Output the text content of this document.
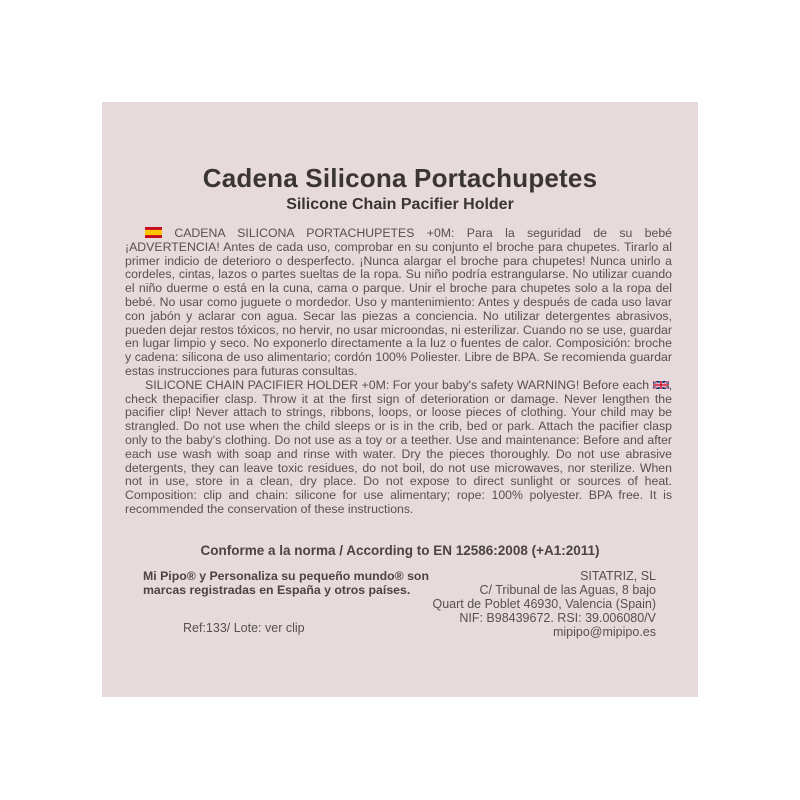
Cadena Silicona Portachupetes
Silicone Chain Pacifier Holder

CADENA SILICONA PORTACHUPETES +0M: Para la seguridad de su bebé ¡ADVERTENCIA! Antes de cada uso, comprobar en su conjunto el broche para chupetes. Tirarlo al primer indicio de deterioro o desperfecto. ¡Nunca alargar el broche para chupetes! Nunca unirlo a cordeles, cintas, lazos o partes sueltas de la ropa. Su niño podría estrangularse. No utilizar cuando el niño duerme o está en la cuna, cama o parque. Unir el broche para chupetes solo a la ropa del bebé. No usar como juguete o mordedor. Uso y mantenimiento: Antes y después de cada uso lavar con jabón y aclarar con agua. Secar las piezas a conciencia. No utilizar detergentes abrasivos, pueden dejar restos tóxicos, no hervir, no usar microondas, ni esterilizar. Cuando no se use, guardar en lugar limpio y seco. No exponerlo directamente a la luz o fuentes de calor. Composición: broche y cadena: silicona de uso alimentario; cordón 100% Poliester. Libre de BPA. Se recomienda guardar estas instrucciones para futuras consultas.

SILICONE CHAIN PACIFIER HOLDER +0M: For your baby's safety WARNING! Before each
, check thepacifier clasp. Throw it at the first sign of deterioration or damage. Never lengthen the pacifier clip! Never attach to strings, ribbons, loops, or loose pieces of clothing. Your child may be strangled. Do not use when the child sleeps or is in the crib, bed or park. Attach the pacifier clasp only to the baby's clothing. Do not use as a toy or a teether. Use and maintenance: Before and after each use wash with soap and rinse with water. Dry the pieces thoroughly. Do not use abrasive detergents, they can leave toxic residues, do not boil, do not use microwaves, nor sterilize. When not in use, store in a clean, dry place. Do not expose to direct sunlight or sources of heat. Composition: clip and chain: silicone for use alimentary; rope: 100% polyester. BPA free. It is recommended the conservation of these instructions.

Conforme a la norma / According to EN 12586:2008 (+A1:2011)
Mi Pipo® y Personaliza su pequeño mundo® son
marcas registradas en España y otros países.
Ref:133/ Lote: ver clip
SITATRIZ, SL
C/ Tribunal de las Aguas, 8 bajo
Quart de Poblet 46930, Valencia (Spain)
NIF: B98439672. RSI: 39.006080/V
mipipo@mipipo.es
